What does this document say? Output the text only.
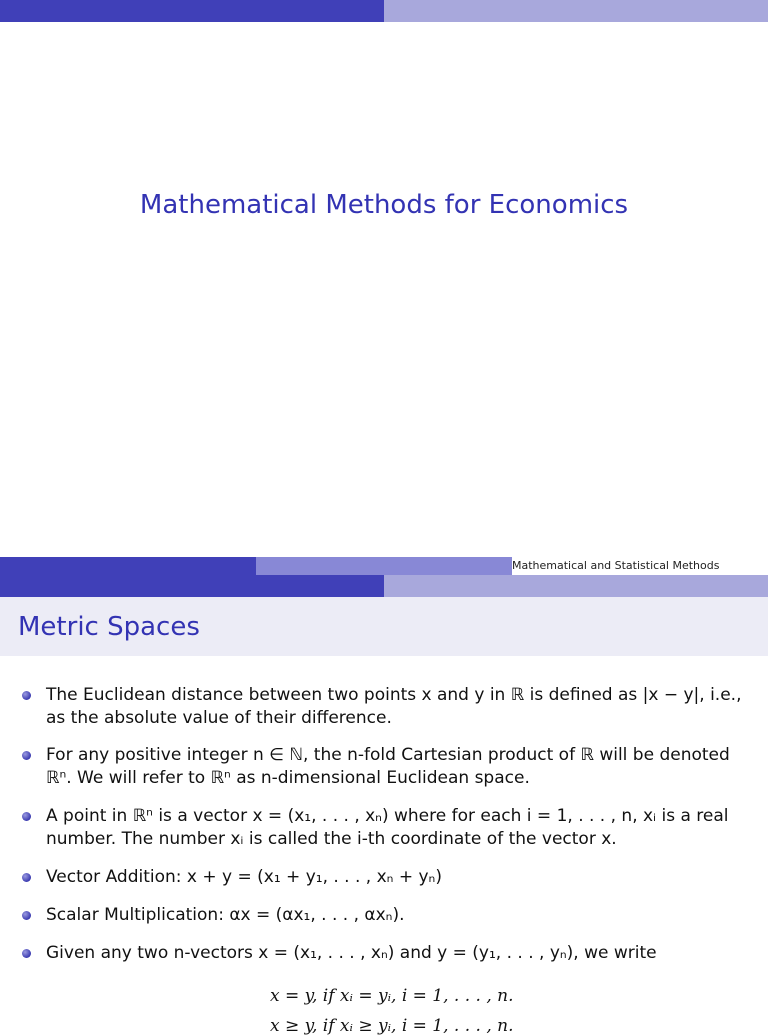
Mathematical Methods for Economics
Mathematical and Statistical Methods
Metric Spaces
The Euclidean distance between two points x and y in ℝ is defined as |x − y|, i.e.,
as the absolute value of their difference.
For any positive integer n ∈ ℕ, the n-fold Cartesian product of ℝ will be denoted
ℝⁿ. We will refer to ℝⁿ as n-dimensional Euclidean space.
A point in ℝⁿ is a vector x = (x₁, . . . , xₙ) where for each i = 1, . . . , n, xᵢ is a real
number. The number xᵢ is called the i-th coordinate of the vector x.
Vector Addition: x + y = (x₁ + y₁, . . . , xₙ + yₙ)
Scalar Multiplication: αx = (αx₁, . . . , αxₙ).
Given any two n-vectors x = (x₁, . . . , xₙ) and y = (y₁, . . . , yₙ), we write
x = y, if xᵢ = yᵢ, i = 1, . . . , n.
x ≥ y, if xᵢ ≥ yᵢ, i = 1, . . . , n.
